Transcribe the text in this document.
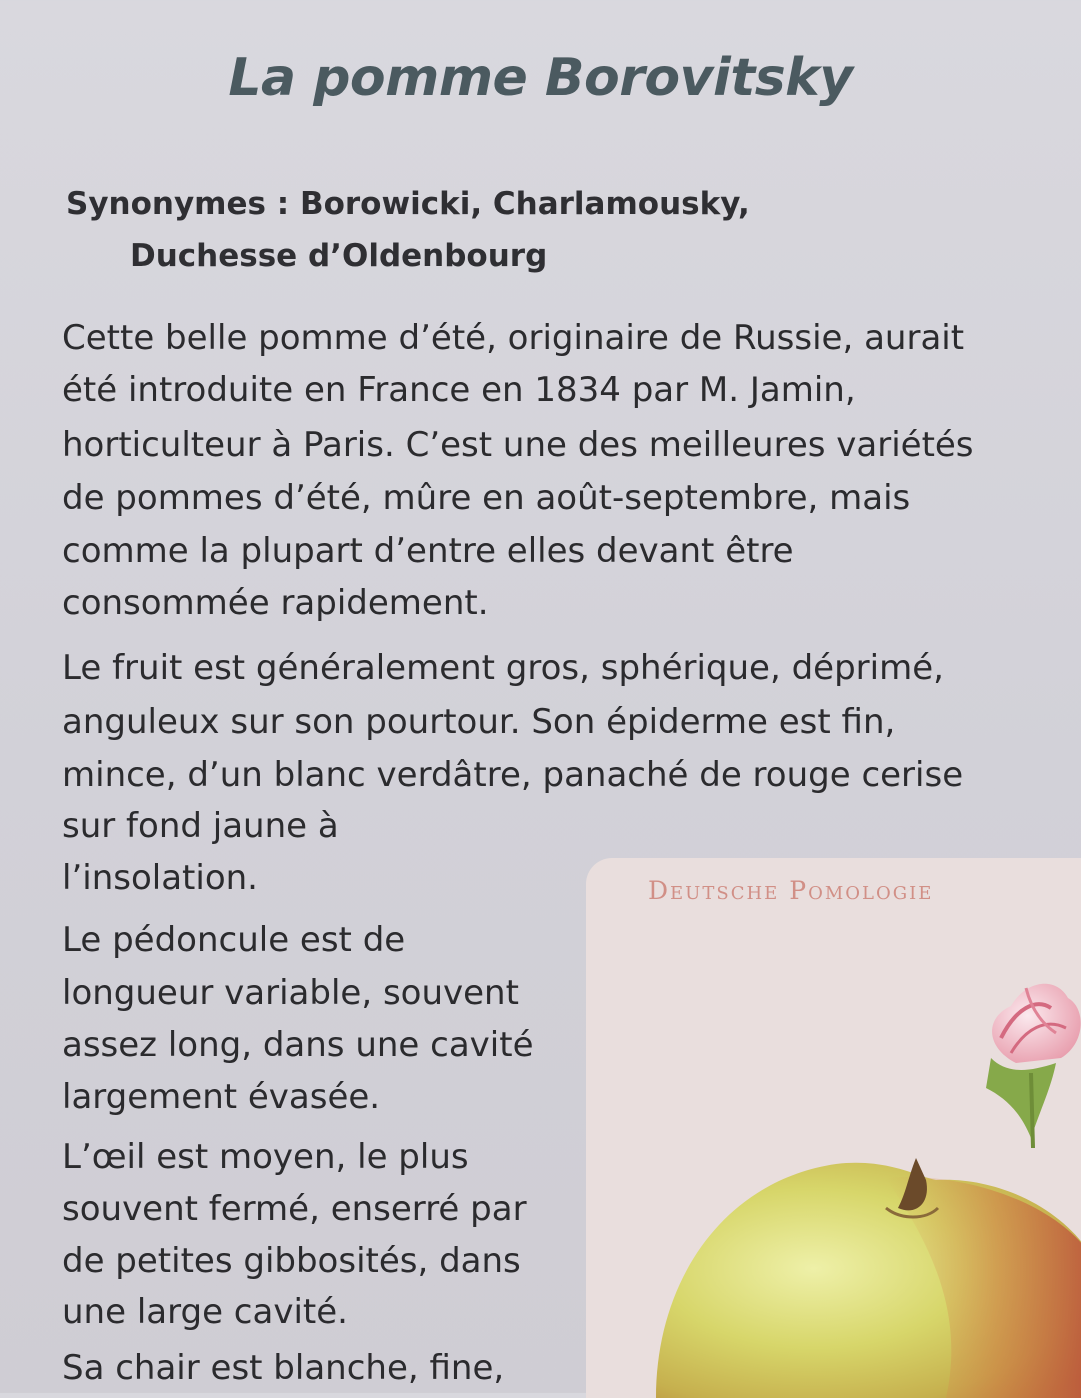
La pomme Borovitsky
Synonymes : Borowicki, Charlamousky,
Duchesse d’Oldenbourg
Cette belle pomme d’été, originaire de Russie, aurait
été introduite en France en 1834 par M. Jamin,
horticulteur à Paris. C’est une des meilleures variétés
de pommes d’été, mûre en août-septembre, mais
comme la plupart d’entre elles devant être
consommée rapidement.
Le fruit est généralement gros, sphérique, déprimé,
anguleux sur son pourtour. Son épiderme est fin,
mince, d’un blanc verdâtre, panaché de rouge cerise
sur fond jaune à
l’insolation.
Le pédoncule est de
longueur variable, souvent
assez long, dans une cavité
largement évasée.
L’œil est moyen, le plus
souvent fermé, enserré par
de petites gibbosités, dans
une large cavité.
Sa chair est blanche, fine,
Deutsche Pomologie
